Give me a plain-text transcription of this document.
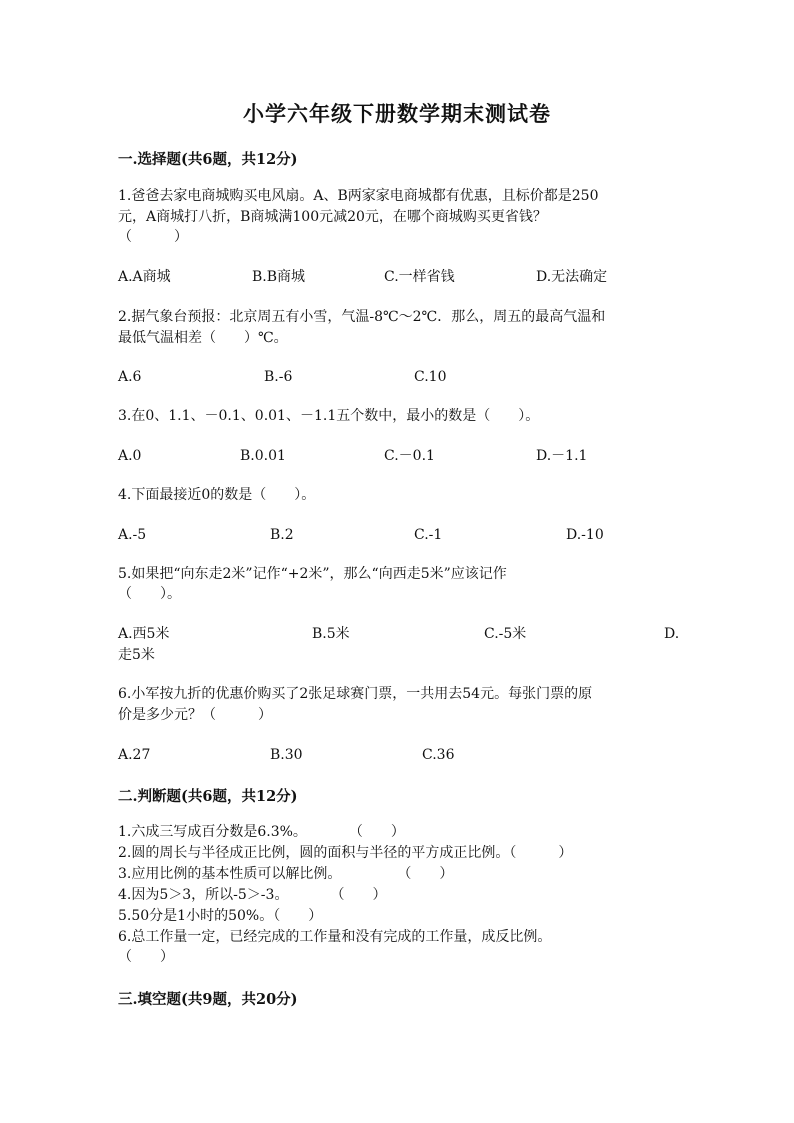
小学六年级下册数学期末测试卷
一.选择题(共6题，共12分)
1.爸爸去家电商城购买电风扇。A、B两家家电商城都有优惠，且标价都是250
元，A商城打八折，B商城满100元减20元，在哪个商城购买更省钱？
（　　　）
A.A商城	B.B商城	C.一样省钱	D.无法确定
2.据气象台预报：北京周五有小雪，气温-8℃～2℃．那么，周五的最高气温和
最低气温相差（　　）℃。
A.6	B.-6	C.10
3.在0、1.1、－0.1、0.01、－1.1五个数中，最小的数是（　　）。
A.0	B.0.01	C.－0.1	D.－1.1
4.下面最接近0的数是（　　）。
A.-5	B.2	C.-1	D.-10
5.如果把“向东走2米”记作“+2米”，那么“向西走5米”应该记作
（　　）。
A.西5米	B.5米	C.-5米	D.
走5米
6.小军按九折的优惠价购买了2张足球赛门票，一共用去54元。每张门票的原
价是多少元？（　　　）
A.27	B.30	C.36
二.判断题(共6题，共12分)
1.六成三写成百分数是6.3%。　　　　（　　）
2.圆的周长与半径成正比例，圆的面积与半径的平方成正比例。（　　　）
3.应用比例的基本性质可以解比例。　　　　　（　　）
4.因为5＞3，所以-5＞-3。　　　　（　　）
5.50分是1小时的50%。（　　）
6.总工作量一定，已经完成的工作量和没有完成的工作量，成反比例。
（　　）
三.填空题(共9题，共20分)
